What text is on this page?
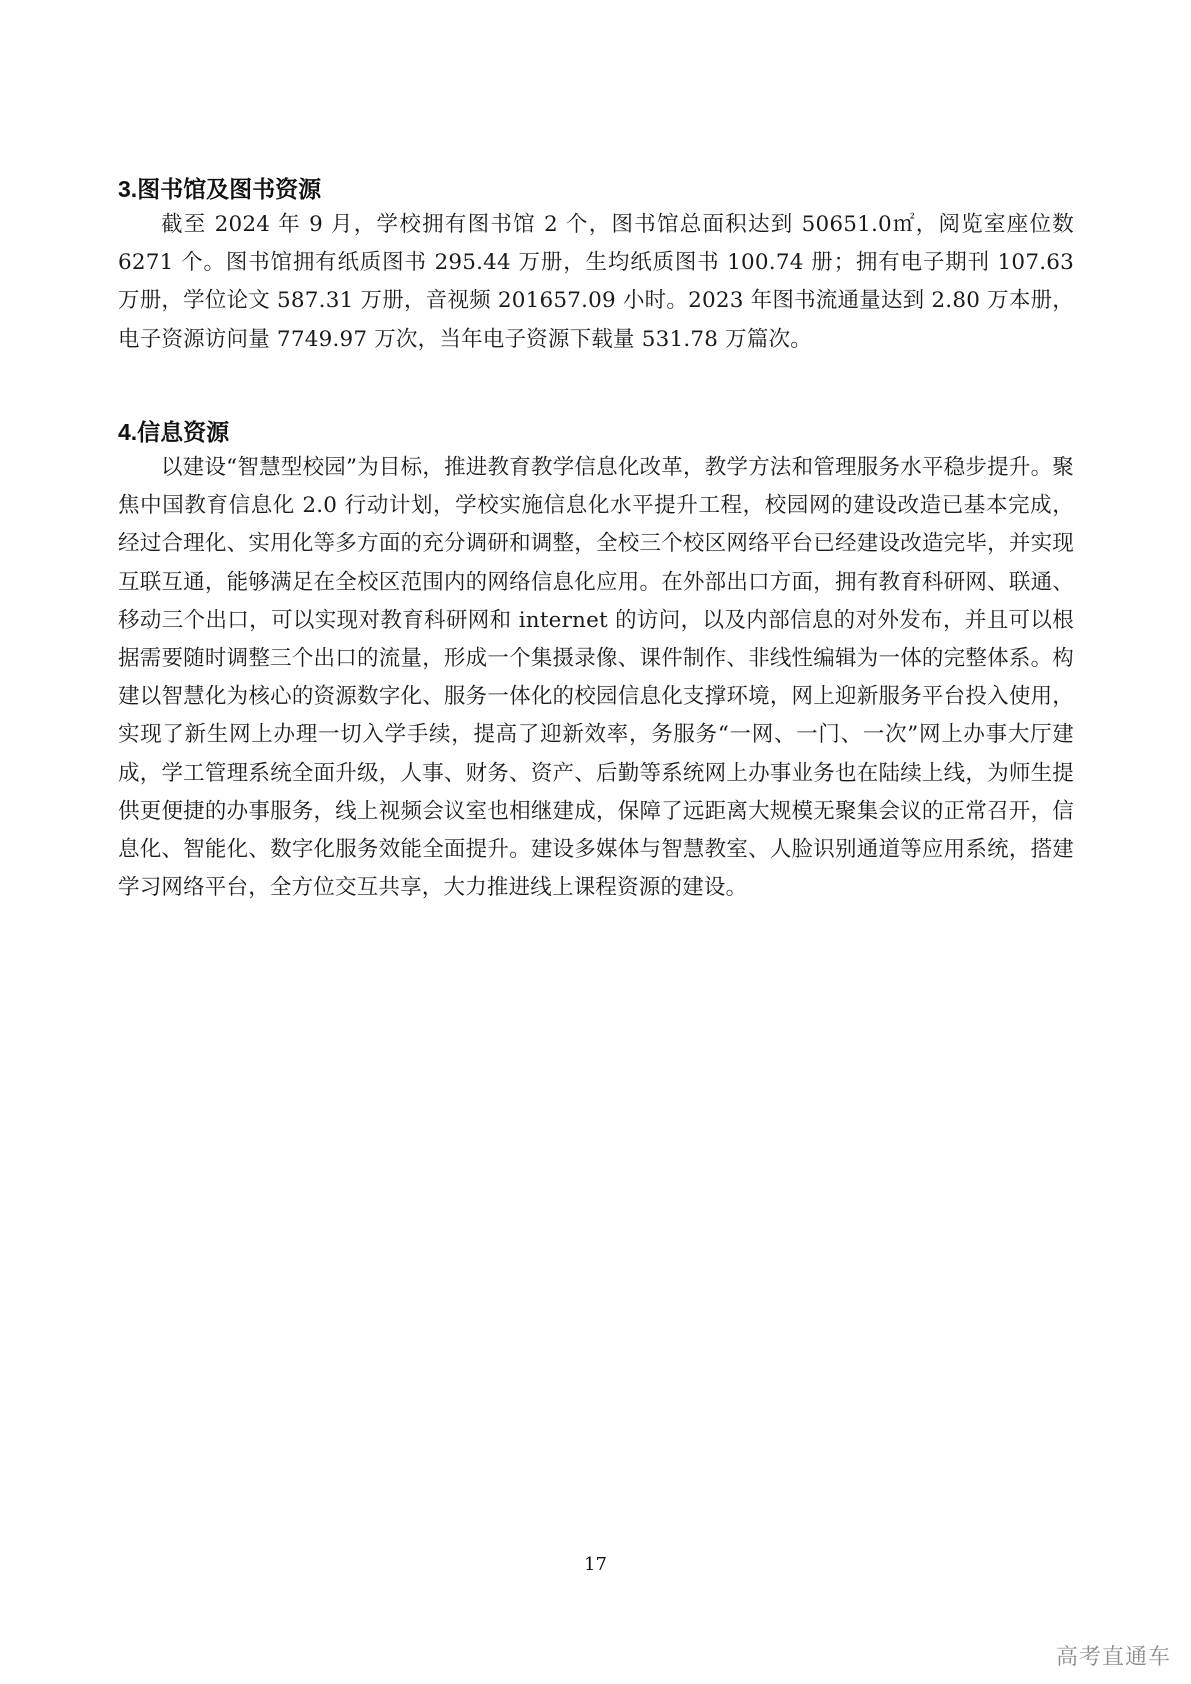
3.图书馆及图书资源

截至 2024 年 9 月，学校拥有图书馆 2 个，图书馆总面积达到 50651.0㎡，阅览室座位数 6271 个。图书馆拥有纸质图书 295.44 万册，生均纸质图书 100.74 册；拥有电子期刊 107.63 万册，学位论文 587.31 万册，音视频 201657.09 小时。2023 年图书流通量达到 2.80 万本册，电子资源访问量 7749.97 万次，当年电子资源下载量 531.78 万篇次。

4.信息资源

以建设“智慧型校园”为目标，推进教育教学信息化改革，教学方法和管理服务水平稳步提升。聚焦中国教育信息化 2.0 行动计划，学校实施信息化水平提升工程，校园网的建设改造已基本完成，经过合理化、实用化等多方面的充分调研和调整，全校三个校区网络平台已经建设改造完毕，并实现互联互通，能够满足在全校区范围内的网络信息化应用。在外部出口方面，拥有教育科研网、联通、移动三个出口，可以实现对教育科研网和 internet 的访问，以及内部信息的对外发布，并且可以根据需要随时调整三个出口的流量，形成一个集摄录像、课件制作、非线性编辑为一体的完整体系。构建以智慧化为核心的资源数字化、服务一体化的校园信息化支撑环境，网上迎新服务平台投入使用，实现了新生网上办理一切入学手续，提高了迎新效率，务服务“一网、一门、一次”网上办事大厅建成，学工管理系统全面升级，人事、财务、资产、后勤等系统网上办事业务也在陆续上线，为师生提供更便捷的办事服务，线上视频会议室也相继建成，保障了远距离大规模无聚集会议的正常召开，信息化、智能化、数字化服务效能全面提升。建设多媒体与智慧教室、人脸识别通道等应用系统，搭建学习网络平台，全方位交互共享，大力推进线上课程资源的建设。

17
高考直通车
